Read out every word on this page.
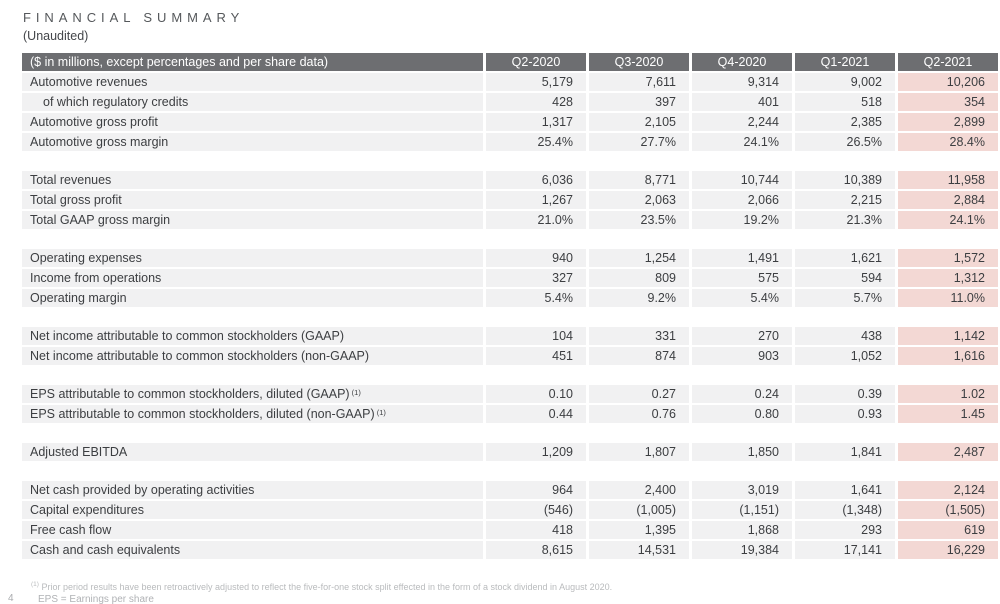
FINANCIAL SUMMARY
(Unaudited)
($ in millions, except percentages and per share data)	Q2-2020	Q3-2020	Q4-2020	Q1-2021	Q2-2021
Automotive revenues	5,179	7,611	9,314	9,002	10,206
of which regulatory credits	428	397	401	518	354
Automotive gross profit	1,317	2,105	2,244	2,385	2,899
Automotive gross margin	25.4%	27.7%	24.1%	26.5%	28.4%
Total revenues	6,036	8,771	10,744	10,389	11,958
Total gross profit	1,267	2,063	2,066	2,215	2,884
Total GAAP gross margin	21.0%	23.5%	19.2%	21.3%	24.1%
Operating expenses	940	1,254	1,491	1,621	1,572
Income from operations	327	809	575	594	1,312
Operating margin	5.4%	9.2%	5.4%	5.7%	11.0%
Net income attributable to common stockholders (GAAP)	104	331	270	438	1,142
Net income attributable to common stockholders (non-GAAP)	451	874	903	1,052	1,616
EPS attributable to common stockholders, diluted (GAAP) $^{(1)}$	0.10	0.27	0.24	0.39	1.02
EPS attributable to common stockholders, diluted (non-GAAP) $^{(1)}$	0.44	0.76	0.80	0.93	1.45
Adjusted EBITDA	1,209	1,807	1,850	1,841	2,487
Net cash provided by operating activities	964	2,400	3,019	1,641	2,124
Capital expenditures	(546)	(1,005)	(1,151)	(1,348)	(1,505)
Free cash flow	418	1,395	1,868	293	619
Cash and cash equivalents	8,615	14,531	19,384	17,141	16,229
$^{(1)}$ Prior period results have been retroactively adjusted to reflect the five-for-one stock split effected in the form of a stock dividend in August 2020.
EPS = Earnings per share
4
